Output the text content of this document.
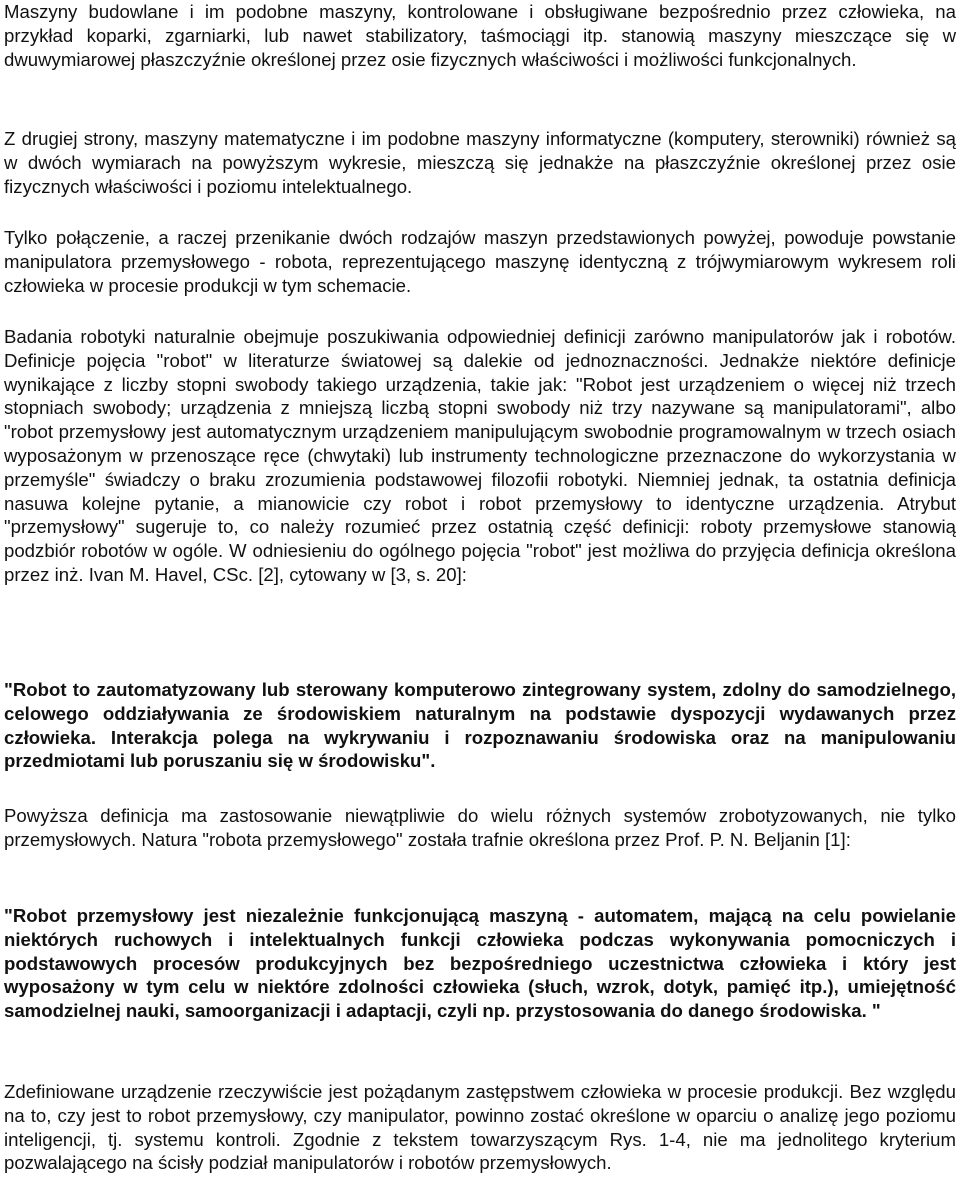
Maszyny budowlane i im podobne maszyny, kontrolowane i obsługiwane bezpośrednio przez człowieka, na przykład koparki, zgarniarki, lub nawet stabilizatory, taśmociągi itp. stanowią maszyny mieszczące się w dwuwymiarowej płaszczyźnie określonej przez osie fizycznych właściwości i możliwości funkcjonalnych.

Z drugiej strony, maszyny matematyczne i im podobne maszyny informatyczne (komputery, sterowniki) również są w dwóch wymiarach na powyższym wykresie, mieszczą się jednakże na płaszczyźnie określonej przez osie fizycznych właściwości i poziomu intelektualnego.

Tylko połączenie, a raczej przenikanie dwóch rodzajów maszyn przedstawionych powyżej, powoduje powstanie manipulatora przemysłowego - robota, reprezentującego maszynę identyczną z trójwymiarowym wykresem roli człowieka w procesie produkcji w tym schemacie.

Badania robotyki naturalnie obejmuje poszukiwania odpowiedniej definicji zarówno manipulatorów jak i robotów. Definicje pojęcia "robot" w literaturze światowej są dalekie od jednoznaczności. Jednakże niektóre definicje wynikające z liczby stopni swobody takiego urządzenia, takie jak: "Robot jest urządzeniem o więcej niż trzech stopniach swobody; urządzenia z mniejszą liczbą stopni swobody niż trzy nazywane są manipulatorami", albo "robot przemysłowy jest automatycznym urządzeniem manipulującym swobodnie programowalnym w trzech osiach wyposażonym w przenoszące ręce (chwytaki) lub instrumenty technologiczne przeznaczone do wykorzystania w przemyśle" świadczy o braku zrozumienia podstawowej filozofii robotyki. Niemniej jednak, ta ostatnia definicja nasuwa kolejne pytanie, a mianowicie czy robot i robot przemysłowy to identyczne urządzenia. Atrybut "przemysłowy" sugeruje to, co należy rozumieć przez ostatnią część definicji: roboty przemysłowe stanowią podzbiór robotów w ogóle. W odniesieniu do ogólnego pojęcia "robot" jest możliwa do przyjęcia definicja określona przez inż. Ivan M. Havel, CSc. [2], cytowany w [3, s. 20]:

"Robot to zautomatyzowany lub sterowany komputerowo zintegrowany system, zdolny do samodzielnego, celowego oddziaływania ze środowiskiem naturalnym na podstawie dyspozycji wydawanych przez człowieka. Interakcja polega na wykrywaniu i rozpoznawaniu środowiska oraz na manipulowaniu przedmiotami lub poruszaniu się w środowisku".

Powyższa definicja ma zastosowanie niewątpliwie do wielu różnych systemów zrobotyzowanych, nie tylko przemysłowych. Natura "robota przemysłowego" została trafnie określona przez Prof. P. N. Beljanin [1]:

"Robot przemysłowy jest niezależnie funkcjonującą maszyną - automatem, mającą na celu powielanie niektórych ruchowych i intelektualnych funkcji człowieka podczas wykonywania pomocniczych i podstawowych procesów produkcyjnych bez bezpośredniego uczestnictwa człowieka i który jest wyposażony w tym celu w niektóre zdolności człowieka (słuch, wzrok, dotyk, pamięć itp.), umiejętność samodzielnej nauki, samoorganizacji i adaptacji, czyli np. przystosowania do danego środowiska. "

Zdefiniowane urządzenie rzeczywiście jest pożądanym zastępstwem człowieka w procesie produkcji. Bez względu na to, czy jest to robot przemysłowy, czy manipulator, powinno zostać określone w oparciu o analizę jego poziomu inteligencji, tj. systemu kontroli. Zgodnie z tekstem towarzyszącym Rys. 1-4, nie ma jednolitego kryterium pozwalającego na ścisły podział manipulatorów i robotów przemysłowych.
